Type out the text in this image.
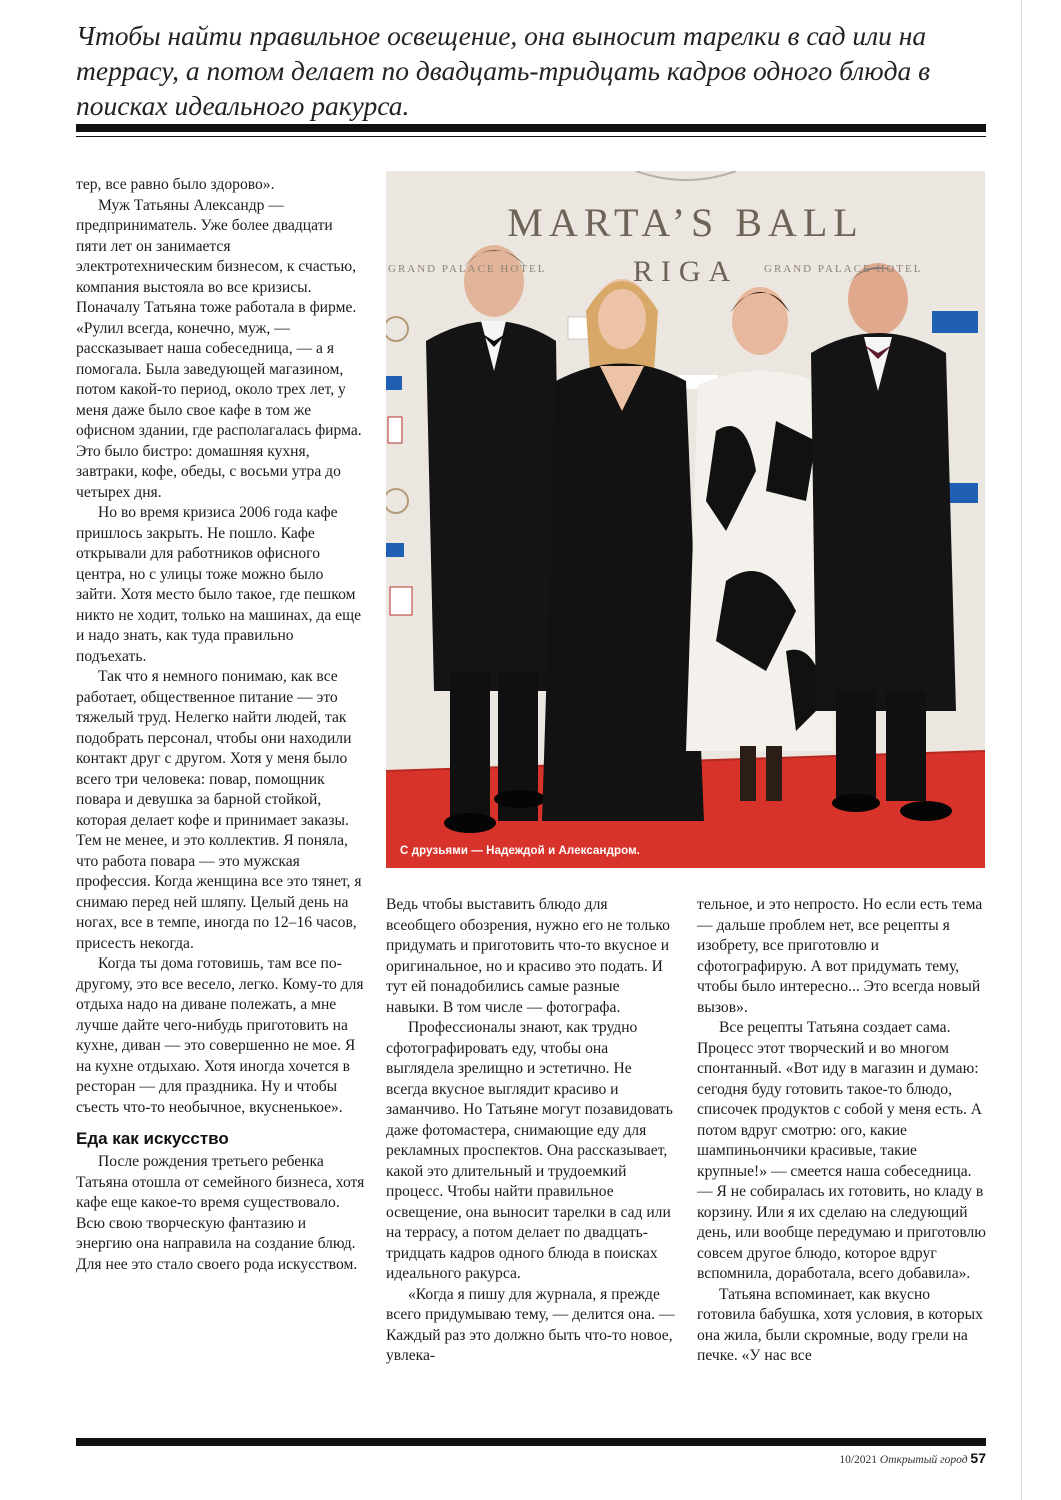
Чтобы найти правильное освещение, она выносит тарелки в сад или на террасу, а потом делает по двадцать-тридцать кадров одного блюда в поисках идеального ракурса.

тер, все равно было здорово».

Муж Татьяны Александр — предприниматель. Уже более двадцати пяти лет он занимается электротехническим бизнесом, к счастью, компания выстояла во все кризисы. Поначалу Татьяна тоже работала в фирме. «Рулил всегда, конечно, муж, — рассказывает наша собеседница, — а я помогала. Была заведующей магазином, потом какой-то период, около трех лет, у меня даже было свое кафе в том же офисном здании, где располагалась фирма. Это было бистро: домашняя кухня, завтраки, кофе, обеды, с восьми утра до четырех дня.

Но во время кризиса 2006 года кафе пришлось закрыть. Не пошло. Кафе открывали для работников офисного центра, но с улицы тоже можно было зайти. Хотя место было такое, где пешком никто не ходит, только на машинах, да еще и надо знать, как туда правильно подъехать.

Так что я немного понимаю, как все работает, общественное питание — это тяжелый труд. Нелегко найти людей, так подобрать персонал, чтобы они находили контакт друг с другом. Хотя у меня было всего три человека: повар, помощник повара и девушка за барной стойкой, которая делает кофе и принимает заказы. Тем не менее, и это коллектив. Я поняла, что работа повара — это мужская профессия. Когда женщина все это тянет, я снимаю перед ней шляпу. Целый день на ногах, все в темпе, иногда по 12–16 часов, присесть некогда.

Когда ты дома готовишь, там все по-другому, это все весело, легко. Кому-то для отдыха надо на диване полежать, а мне лучше дайте чего-нибудь приготовить на кухне, диван — это совершенно не мое. Я на кухне отдыхаю. Хотя иногда хочется в ресторан — для праздника. Ну и чтобы съесть что-то необычное, вкусненькое».

Еда как искусство

После рождения третьего ребенка Татьяна отошла от семейного бизнеса, хотя кафе еще какое-то время существовало. Всю свою творческую фантазию и энергию она направила на создание блюд. Для нее это стало своего рода искусством.

MARTA’S BALL
RIGA
GRAND PALACE HOTEL	GRAND PALACE HOTEL
С друзьями — Надеждой и Александром.

Ведь чтобы выставить блюдо для всеобщего обозрения, нужно его не только придумать и приготовить что-то вкусное и оригинальное, но и красиво это подать. И тут ей понадобились самые разные навыки. В том числе — фотографа.

Профессионалы знают, как трудно сфотографировать еду, чтобы она выглядела зрелищно и эстетично. Не всегда вкусное выглядит красиво и заманчиво. Но Татьяне могут позавидовать даже фотомастера, снимающие еду для рекламных проспектов. Она рассказывает, какой это длительный и трудоемкий процесс. Чтобы найти правильное освещение, она выносит тарелки в сад или на террасу, а потом делает по двадцать-тридцать кадров одного блюда в поисках идеального ракурса.

«Когда я пишу для журнала, я прежде всего придумываю тему, — делится она. — Каждый раз это должно быть что-то новое, увлека-

тельное, и это непросто. Но если есть тема — дальше проблем нет, все рецепты я изобрету, все приготовлю и сфотографирую. А вот придумать тему, чтобы было интересно... Это всегда новый вызов».

Все рецепты Татьяна создает сама. Процесс этот творческий и во многом спонтанный. «Вот иду в магазин и думаю: сегодня буду готовить такое-то блюдо, списочек продуктов с собой у меня есть. А потом вдруг смотрю: ого, какие шампиньончики красивые, такие крупные!» — смеется наша собеседница. — Я не собиралась их готовить, но кладу в корзину. Или я их сделаю на следующий день, или вообще передумаю и приготовлю совсем другое блюдо, которое вдруг вспомнила, доработала, всего добавила».

Татьяна вспоминает, как вкусно готовила бабушка, хотя условия, в которых она жила, были скромные, воду грели на печке. «У нас все

10/2021 Открытый город 57
